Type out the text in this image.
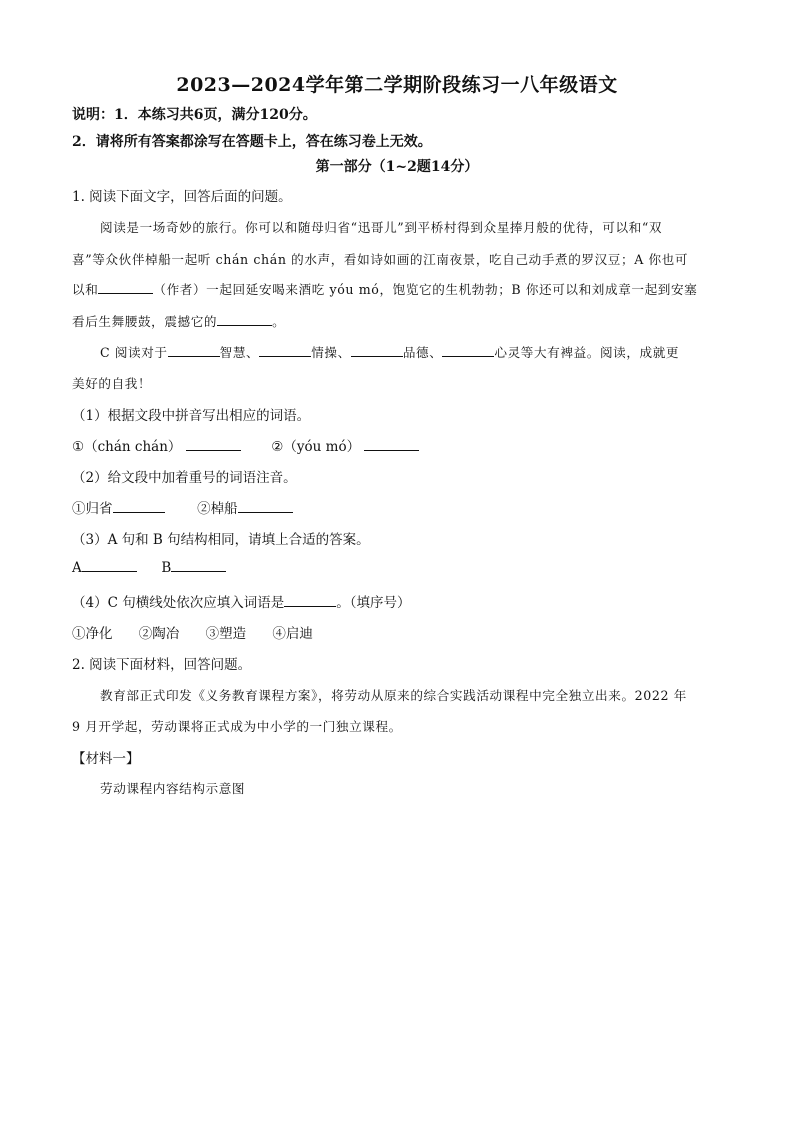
2023—2024学年第二学期阶段练习一八年级语文
说明：1．本练习共6页，满分120分。
2．请将所有答案都涂写在答题卡上，答在练习卷上无效。
第一部分（1~2题14分）
1. 阅读下面文字，回答后面的问题。
阅读是一场奇妙的旅行。你可以和随母归省“迅哥儿”到平桥村得到众星捧月般的优待，可以和“双
喜”等众伙伴棹船一起听 chán chán 的水声，看如诗如画的江南夜景，吃自己动手煮的罗汉豆；A 你也可
以和	（作者）一起回延安喝来酒吃 yóu mó，饱览它的生机勃勃；B 你还可以和刘成章一起到安塞
看后生舞腰鼓，震撼它的	。
C 阅读对于	智慧、	情操、	品德、	心灵等大有裨益。阅读，成就更
美好的自我！
（1）根据文段中拼音写出相应的词语。
①（chán chán）	②（yóu mó）
（2）给文段中加着重号的词语注音。
①归省	②棹船
（3）A 句和 B 句结构相同，请填上合适的答案。
A	B
（4）C 句横线处依次应填入词语是	。（填序号）
①净化 ②陶冶 ③塑造 ④启迪
2. 阅读下面材料，回答问题。
教育部正式印发《义务教育课程方案》，将劳动从原来的综合实践活动课程中完全独立出来。2022 年
9 月开学起，劳动课将正式成为中小学的一门独立课程。
【材料一】
劳动课程内容结构示意图
